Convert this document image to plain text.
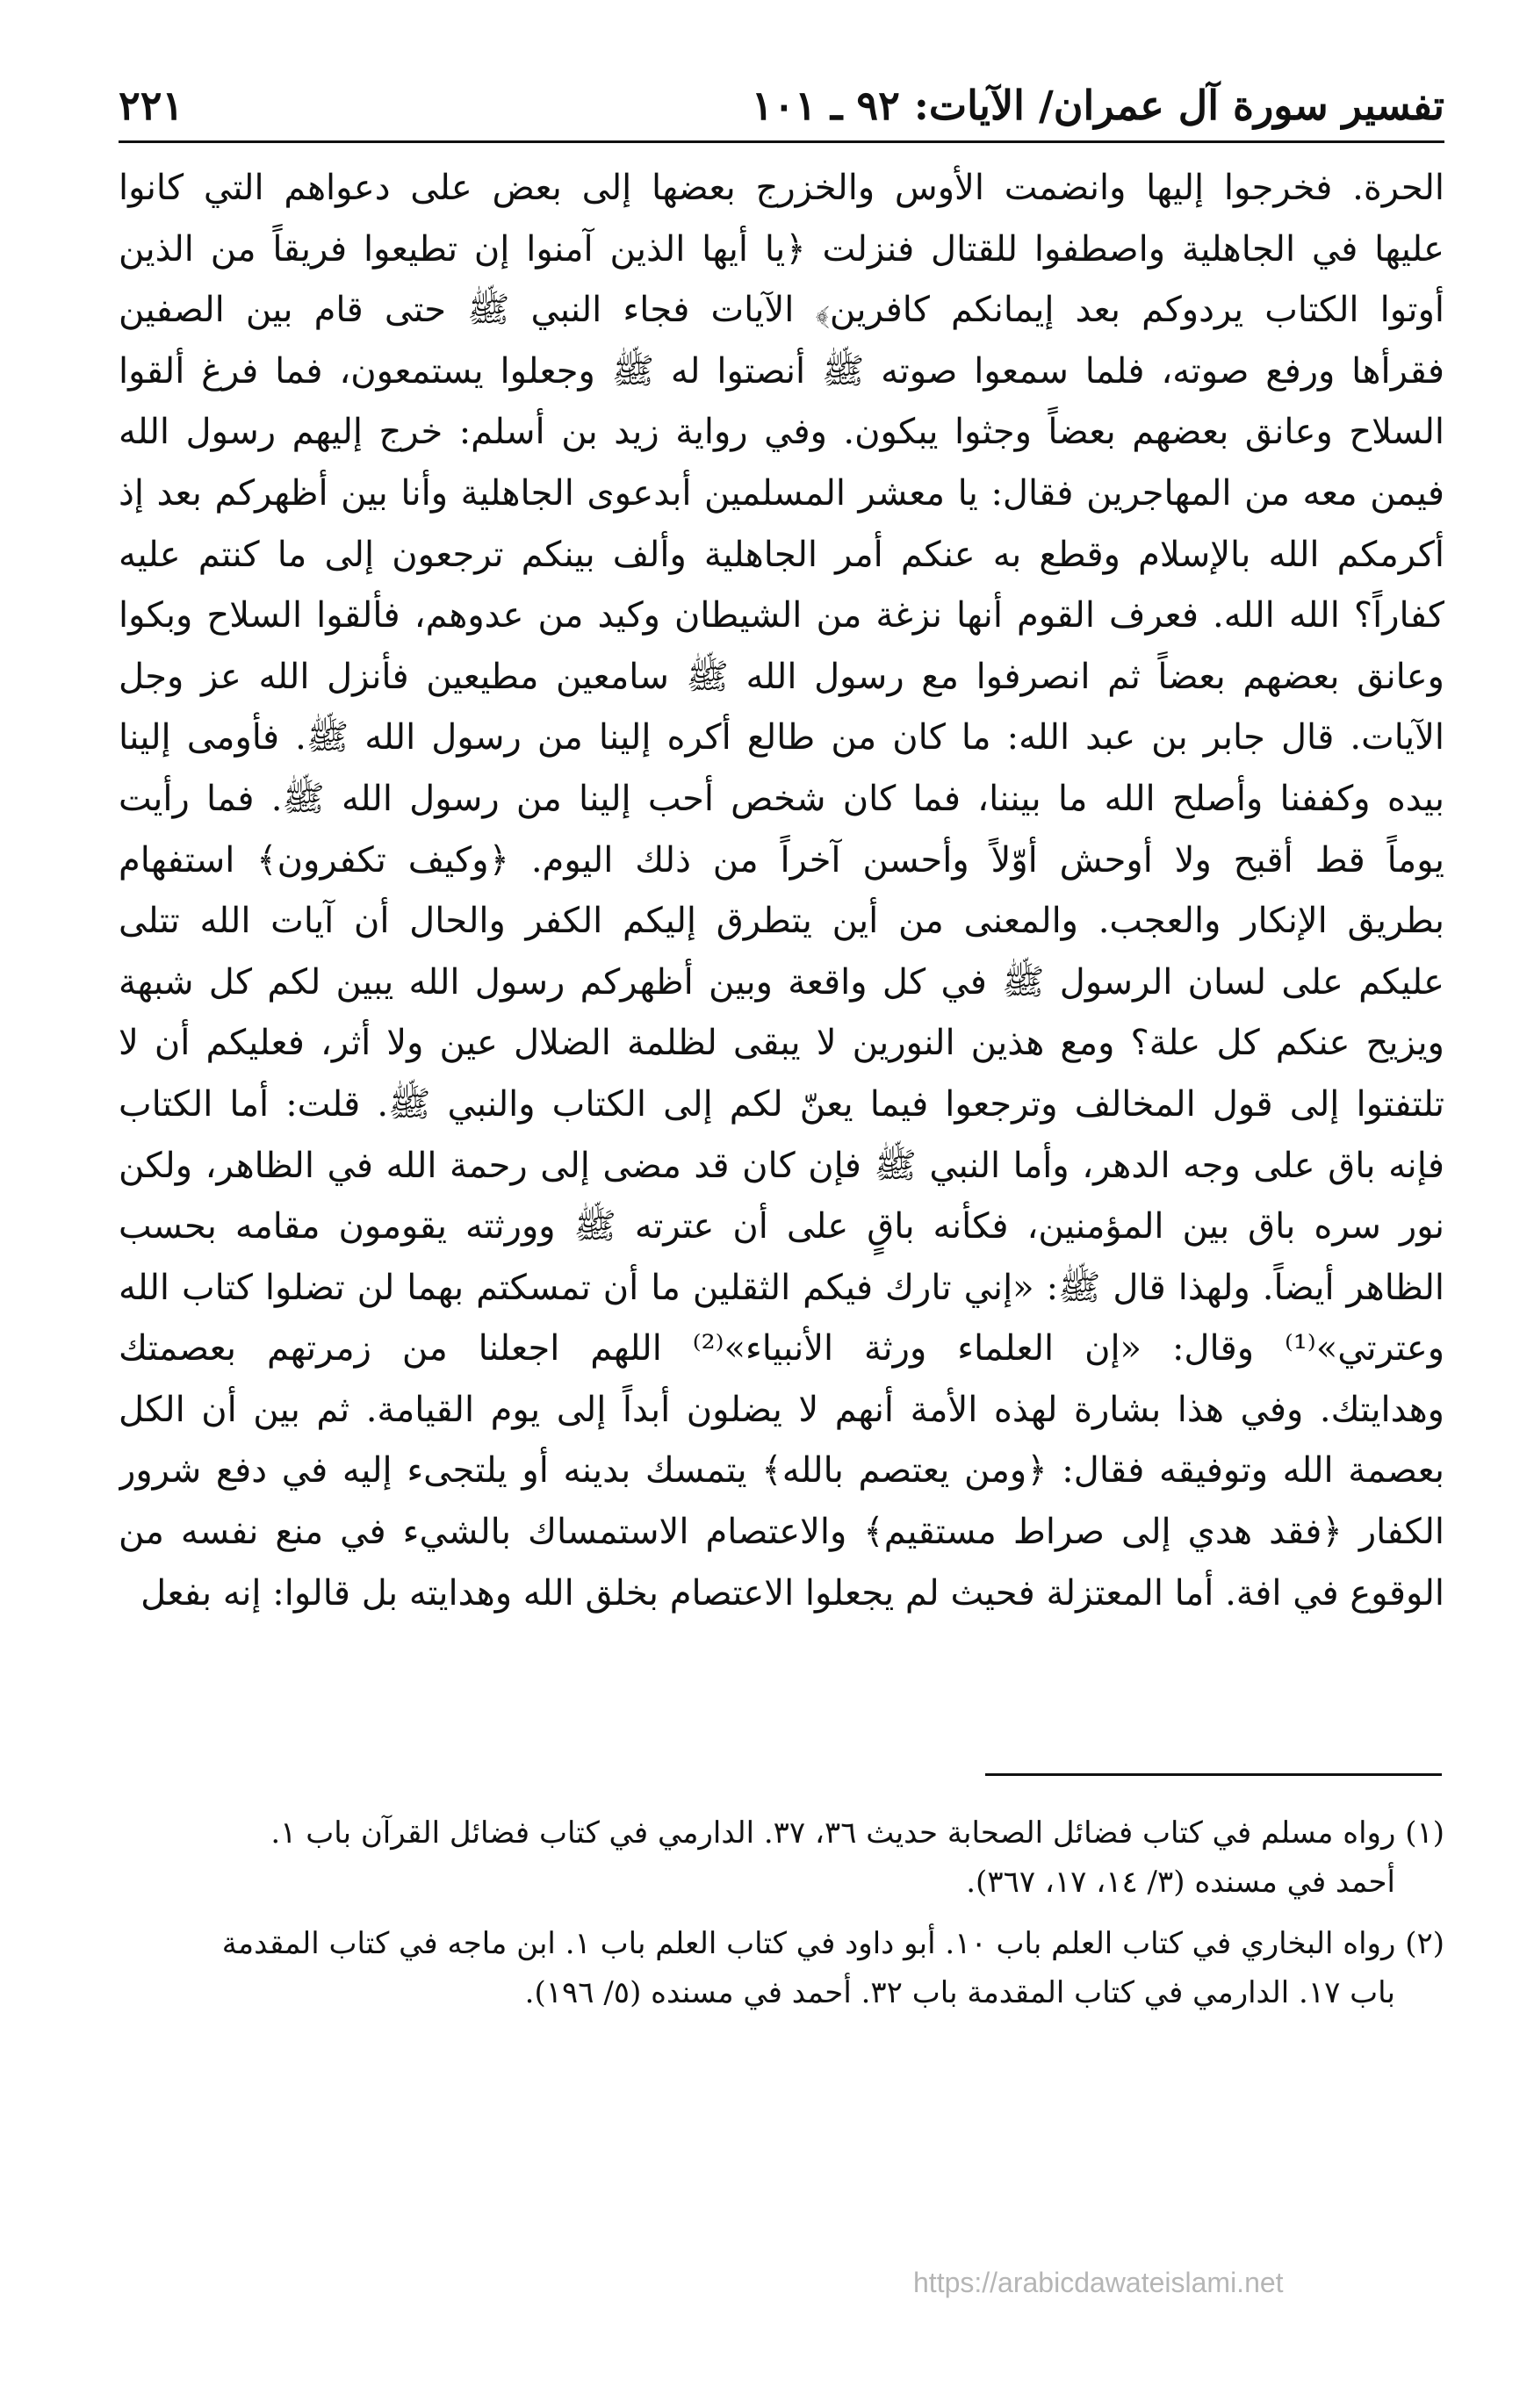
تفسير سورة آل عمران/ الآيات: ٩٢ ـ ١٠١
٢٢١
الحرة. فخرجوا إليها وانضمت الأوس والخزرج بعضها إلى بعض على دعواهم التي كانوا
عليها في الجاهلية واصطفوا للقتال فنزلت ﴿يا أيها الذين آمنوا إن تطيعوا فريقاً من الذين
أوتوا الكتاب يردوكم بعد إيمانكم كافرين﴾ الآيات فجاء النبي ﷺ حتى قام بين الصفين
فقرأها ورفع صوته، فلما سمعوا صوته ﷺ أنصتوا له ﷺ وجعلوا يستمعون، فما فرغ ألقوا
السلاح وعانق بعضهم بعضاً وجثوا يبكون. وفي رواية زيد بن أسلم: خرج إليهم رسول الله
فيمن معه من المهاجرين فقال: يا معشر المسلمين أبدعوى الجاهلية وأنا بين أظهركم بعد إذ
أكرمكم الله بالإسلام وقطع به عنكم أمر الجاهلية وألف بينكم ترجعون إلى ما كنتم عليه
كفاراً؟ الله الله. فعرف القوم أنها نزغة من الشيطان وكيد من عدوهم، فألقوا السلاح وبكوا
وعانق بعضهم بعضاً ثم انصرفوا مع رسول الله ﷺ سامعين مطيعين فأنزل الله عز وجل
الآيات. قال جابر بن عبد الله: ما كان من طالع أكره إلينا من رسول الله ﷺ. فأومى إلينا
بيده وكففنا وأصلح الله ما بيننا، فما كان شخص أحب إلينا من رسول الله ﷺ. فما رأيت
يوماً قط أقبح ولا أوحش أوّلاً وأحسن آخراً من ذلك اليوم. ﴿وكيف تكفرون﴾ استفهام
بطريق الإنكار والعجب. والمعنى من أين يتطرق إليكم الكفر والحال أن آيات الله تتلى
عليكم على لسان الرسول ﷺ في كل واقعة وبين أظهركم رسول الله يبين لكم كل شبهة
ويزيح عنكم كل علة؟ ومع هذين النورين لا يبقى لظلمة الضلال عين ولا أثر، فعليكم أن لا
تلتفتوا إلى قول المخالف وترجعوا فيما يعنّ لكم إلى الكتاب والنبي ﷺ. قلت: أما الكتاب
فإنه باق على وجه الدهر، وأما النبي ﷺ فإن كان قد مضى إلى رحمة الله في الظاهر، ولكن
نور سره باق بين المؤمنين، فكأنه باقٍ على أن عترته ﷺ وورثته يقومون مقامه بحسب
الظاهر أيضاً. ولهذا قال ﷺ: «إني تارك فيكم الثقلين ما أن تمسكتم بهما لن تضلوا كتاب الله
وعترتي»⁽¹⁾ وقال: «إن العلماء ورثة الأنبياء»⁽²⁾ اللهم اجعلنا من زمرتهم بعصمتك
وهدايتك. وفي هذا بشارة لهذه الأمة أنهم لا يضلون أبداً إلى يوم القيامة. ثم بين أن الكل
بعصمة الله وتوفيقه فقال: ﴿ومن يعتصم بالله﴾ يتمسك بدينه أو يلتجىء إليه في دفع شرور
الكفار ﴿فقد هدي إلى صراط مستقيم﴾ والاعتصام الاستمساك بالشيء في منع نفسه من
الوقوع في افة. أما المعتزلة فحيث لم يجعلوا الاعتصام بخلق الله وهدايته بل قالوا: إنه بفعل
(١) رواه مسلم في كتاب فضائل الصحابة حديث ٣٦، ٣٧. الدارمي في كتاب فضائل القرآن باب ١.
أحمد في مسنده (٣/ ١٤، ١٧، ٣٦٧).
(٢) رواه البخاري في كتاب العلم باب ١٠. أبو داود في كتاب العلم باب ١. ابن ماجه في كتاب المقدمة
باب ١٧. الدارمي في كتاب المقدمة باب ٣٢. أحمد في مسنده (٥/ ١٩٦).
https://arabicdawateislami.net
